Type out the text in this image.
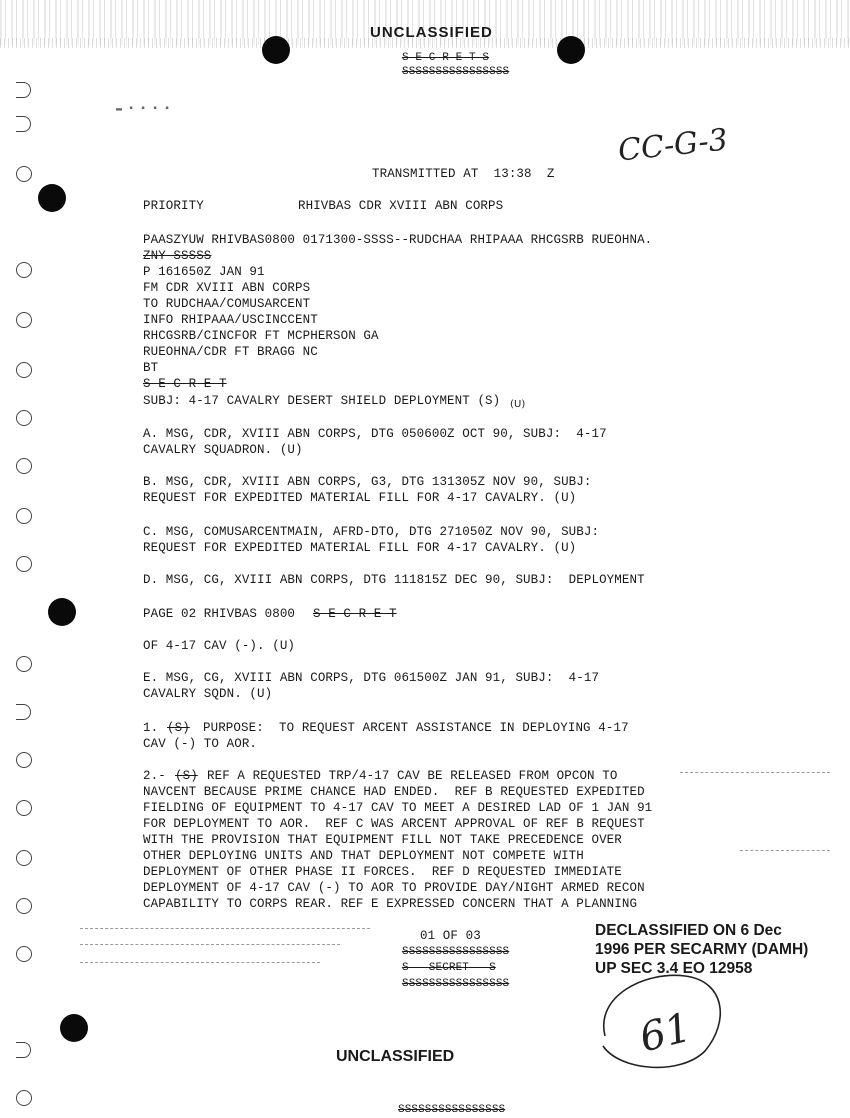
UNCLASSIFIED
S E C R E T S
SSSSSSSSSSSSSSSS
▬ ▪ ▪ ▪ ▪
CC-G-3
TRANSMITTED AT  13:38  Z
PRIORITY	RHIVBAS CDR XVIII ABN CORPS
PAASZYUW RHIVBAS0800 0171300-SSSS--RUDCHAA RHIPAAA RHCGSRB RUEOHNA.
ZNY SSSSS
P 161650Z JAN 91
FM CDR XVIII ABN CORPS
TO RUDCHAA/COMUSARCENT
INFO RHIPAAA/USCINCCENT
RHCGSRB/CINCFOR FT MCPHERSON GA
RUEOHNA/CDR FT BRAGG NC
BT
S E C R E T
SUBJ: 4-17 CAVALRY DESERT SHIELD DEPLOYMENT (S) (U)
A. MSG, CDR, XVIII ABN CORPS, DTG 050600Z OCT 90, SUBJ:  4-17
CAVALRY SQUADRON. (U)
B. MSG, CDR, XVIII ABN CORPS, G3, DTG 131305Z NOV 90, SUBJ:
REQUEST FOR EXPEDITED MATERIAL FILL FOR 4-17 CAVALRY. (U)
C. MSG, COMUSARCENTMAIN, AFRD-DTO, DTG 271050Z NOV 90, SUBJ:
REQUEST FOR EXPEDITED MATERIAL FILL FOR 4-17 CAVALRY. (U)
D. MSG, CG, XVIII ABN CORPS, DTG 111815Z DEC 90, SUBJ:  DEPLOYMENT
PAGE 02 RHIVBAS 0800 S E C R E T
OF 4-17 CAV (-). (U)
E. MSG, CG, XVIII ABN CORPS, DTG 061500Z JAN 91, SUBJ:  4-17
CAVALRY SQDN. (U)
1. (S) PURPOSE:  TO REQUEST ARCENT ASSISTANCE IN DEPLOYING 4-17
CAV (-) TO AOR.
2.- (S) REF A REQUESTED TRP/4-17 CAV BE RELEASED FROM OPCON TO
NAVCENT BECAUSE PRIME CHANCE HAD ENDED.  REF B REQUESTED EXPEDITED
FIELDING OF EQUIPMENT TO 4-17 CAV TO MEET A DESIRED LAD OF 1 JAN 91
FOR DEPLOYMENT TO AOR.  REF C WAS ARCENT APPROVAL OF REF B REQUEST
WITH THE PROVISION THAT EQUIPMENT FILL NOT TAKE PRECEDENCE OVER
OTHER DEPLOYING UNITS AND THAT DEPLOYMENT NOT COMPETE WITH
DEPLOYMENT OF OTHER PHASE II FORCES.  REF D REQUESTED IMMEDIATE
DEPLOYMENT OF 4-17 CAV (-) TO AOR TO PROVIDE DAY/NIGHT ARMED RECON
CAPABILITY TO CORPS REAR. REF E EXPRESSED CONCERN THAT A PLANNING
01 OF 03
SSSSSSSSSSSSSSSS
S   SECRET   S
SSSSSSSSSSSSSSSS
DECLASSIFIED ON 6 Dec
1996 PER SECARMY (DAMH)
UP SEC 3.4 EO 12958
61
UNCLASSIFIED
SSSSSSSSSSSSSSSS
